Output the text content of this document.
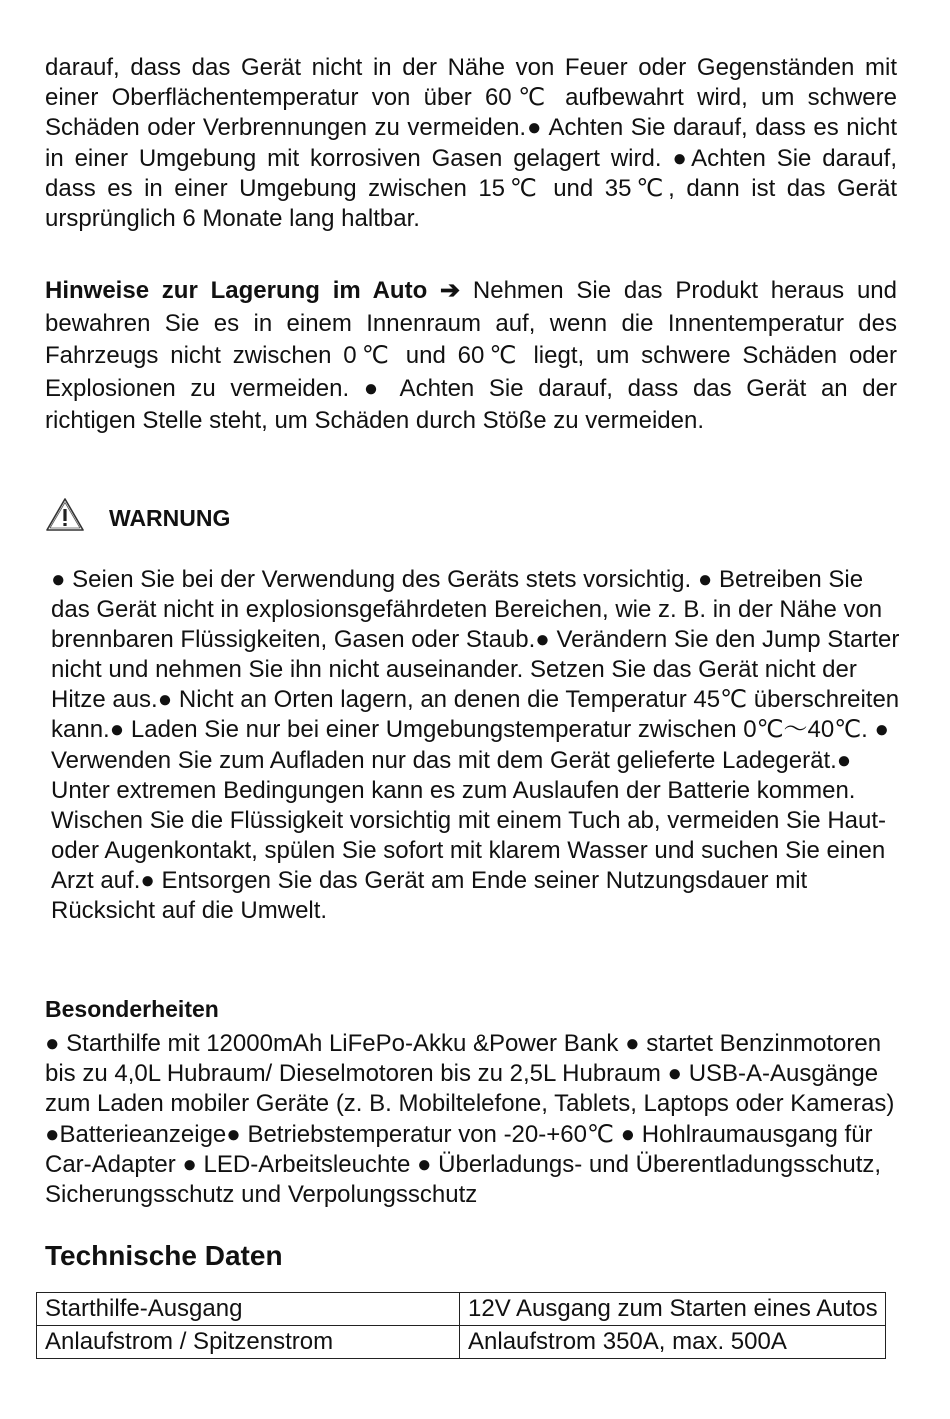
darauf, dass das Gerät nicht in der Nähe von Feuer oder Gegenständen mit einer Oberflächentemperatur von über 60℃ aufbewahrt wird, um schwere Schäden oder Verbrennungen zu vermeiden.● Achten Sie darauf, dass es nicht in einer Umgebung mit korrosiven Gasen gelagert wird. ●Achten Sie darauf, dass es in einer Umgebung zwischen 15℃ und 35℃, dann ist das Gerät ursprünglich 6 Monate lang haltbar.

Hinweise zur Lagerung im Auto ➔ Nehmen Sie das Produkt heraus und bewahren Sie es in einem Innenraum auf, wenn die Innentemperatur des Fahrzeugs nicht zwischen 0℃ und 60℃ liegt, um schwere Schäden oder Explosionen zu vermeiden. ● Achten Sie darauf, dass das Gerät an der richtigen Stelle steht, um Schäden durch Stöße zu vermeiden.

WARNUNG

● Seien Sie bei der Verwendung des Geräts stets vorsichtig. ● Betreiben Sie das Gerät nicht in explosionsgefährdeten Bereichen, wie z. B. in der Nähe von brennbaren Flüssigkeiten, Gasen oder Staub.● Verändern Sie den Jump Starter nicht und nehmen Sie ihn nicht auseinander. Setzen Sie das Gerät nicht der Hitze aus.● Nicht an Orten lagern, an denen die Temperatur 45℃ überschreiten kann.● Laden Sie nur bei einer Umgebungstemperatur zwischen 0℃～40℃. ● Verwenden Sie zum Aufladen nur das mit dem Gerät gelieferte Ladegerät.● Unter extremen Bedingungen kann es zum Auslaufen der Batterie kommen. Wischen Sie die Flüssigkeit vorsichtig mit einem Tuch ab, vermeiden Sie Haut- oder Augenkontakt, spülen Sie sofort mit klarem Wasser und suchen Sie einen Arzt auf.● Entsorgen Sie das Gerät am Ende seiner Nutzungsdauer mit Rücksicht auf die Umwelt.

Besonderheiten

● Starthilfe mit 12000mAh LiFePo-Akku &Power Bank ● startet Benzinmotoren bis zu 4,0L Hubraum/ Dieselmotoren bis zu 2,5L Hubraum ● USB-A-Ausgänge zum Laden mobiler Geräte (z. B. Mobiltelefone, Tablets, Laptops oder Kameras) ●Batterieanzeige● Betriebstemperatur von -20-+60℃ ● Hohlraumausgang für Car-Adapter ● LED-Arbeitsleuchte ● Überladungs- und Überentladungsschutz, Sicherungsschutz und Verpolungsschutz

Technische Daten
Starthilfe-Ausgang	12V Ausgang zum Starten eines Autos
Anlaufstrom / Spitzenstrom	Anlaufstrom 350A, max. 500A
